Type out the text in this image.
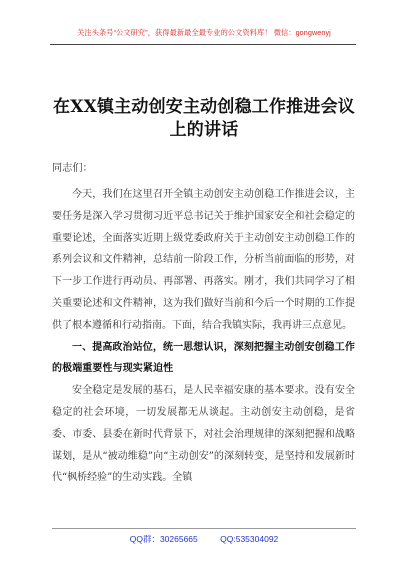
关注头条号“公文研究”，获得最新最全最专业的公文资料库！ 微信：gongwenyj
在XX镇主动创安主动创稳工作推进会议
上的讲话
同志们：

今天，我们在这里召开全镇主动创安主动创稳工作推进会议，主要任务是深入学习贯彻习近平总书记关于维护国家安全和社会稳定的重要论述，全面落实近期上级党委政府关于主动创安主动创稳工作的系列会议和文件精神，总结前一阶段工作，分析当前面临的形势，对下一步工作进行再动员、再部署、再落实。刚才，我们共同学习了相关重要论述和文件精神，这为我们做好当前和今后一个时期的工作提供了根本遵循和行动指南。下面，结合我镇实际，我再讲三点意见。

一、提高政治站位，统一思想认识，深刻把握主动创安创稳工作的极端重要性与现实紧迫性

安全稳定是发展的基石，是人民幸福安康的基本要求。没有安全稳定的社会环境，一切发展都无从谈起。主动创安主动创稳，是省委、市委、县委在新时代背景下，对社会治理规律的深刻把握和战略谋划，是从“被动维稳”向“主动创安”的深刻转变，是坚持和发展新时代“枫桥经验”的生动实践。全镇

QQ群：30265665	QQ:535304092
